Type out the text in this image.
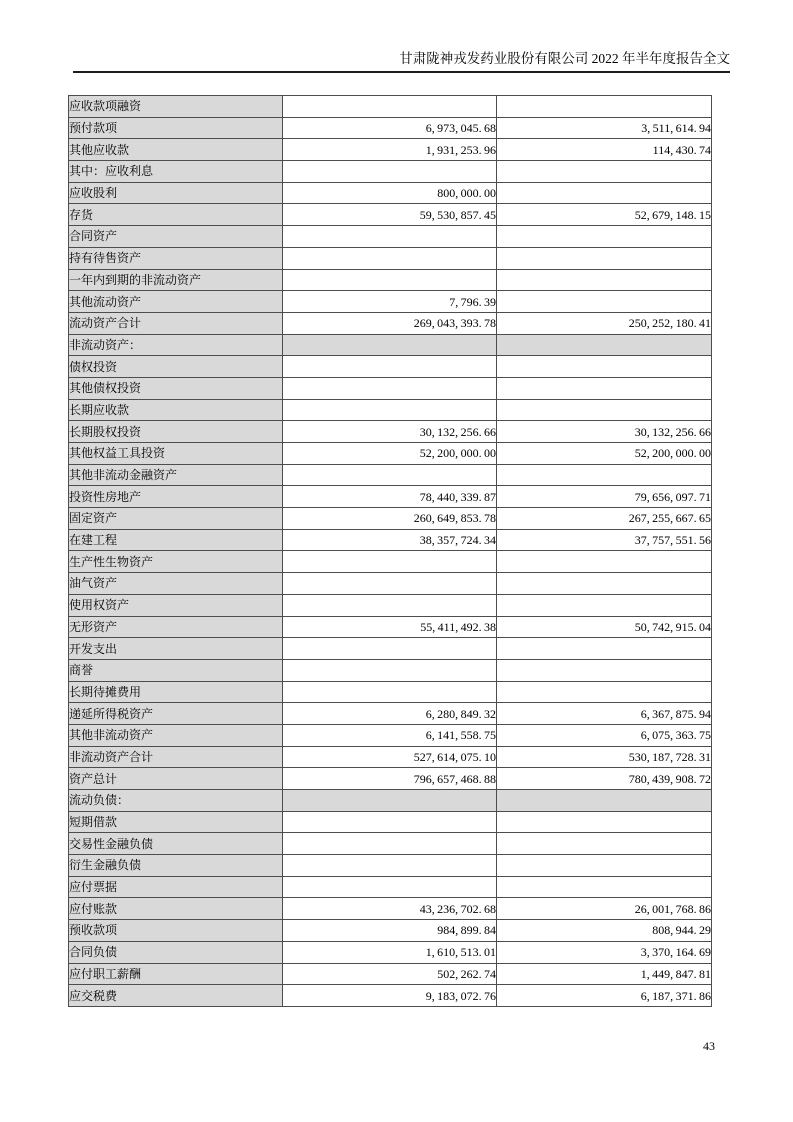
甘肃陇神戎发药业股份有限公司 2022 年半年度报告全文
应收款项融资		
预付款项	6, 973, 045. 68	3, 511, 614. 94
其他应收款	1, 931, 253. 96	114, 430. 74
其中：应收利息		
应收股利	800, 000. 00	
存货	59, 530, 857. 45	52, 679, 148. 15
合同资产		
持有待售资产		
一年内到期的非流动资产		
其他流动资产	7, 796. 39	
流动资产合计	269, 043, 393. 78	250, 252, 180. 41
非流动资产：		
债权投资		
其他债权投资		
长期应收款		
长期股权投资	30, 132, 256. 66	30, 132, 256. 66
其他权益工具投资	52, 200, 000. 00	52, 200, 000. 00
其他非流动金融资产		
投资性房地产	78, 440, 339. 87	79, 656, 097. 71
固定资产	260, 649, 853. 78	267, 255, 667. 65
在建工程	38, 357, 724. 34	37, 757, 551. 56
生产性生物资产		
油气资产		
使用权资产		
无形资产	55, 411, 492. 38	50, 742, 915. 04
开发支出		
商誉		
长期待摊费用		
递延所得税资产	6, 280, 849. 32	6, 367, 875. 94
其他非流动资产	6, 141, 558. 75	6, 075, 363. 75
非流动资产合计	527, 614, 075. 10	530, 187, 728. 31
资产总计	796, 657, 468. 88	780, 439, 908. 72
流动负债：		
短期借款		
交易性金融负债		
衍生金融负债		
应付票据		
应付账款	43, 236, 702. 68	26, 001, 768. 86
预收款项	984, 899. 84	808, 944. 29
合同负债	1, 610, 513. 01	3, 370, 164. 69
应付职工薪酬	502, 262. 74	1, 449, 847. 81
应交税费	9, 183, 072. 76	6, 187, 371. 86
43
